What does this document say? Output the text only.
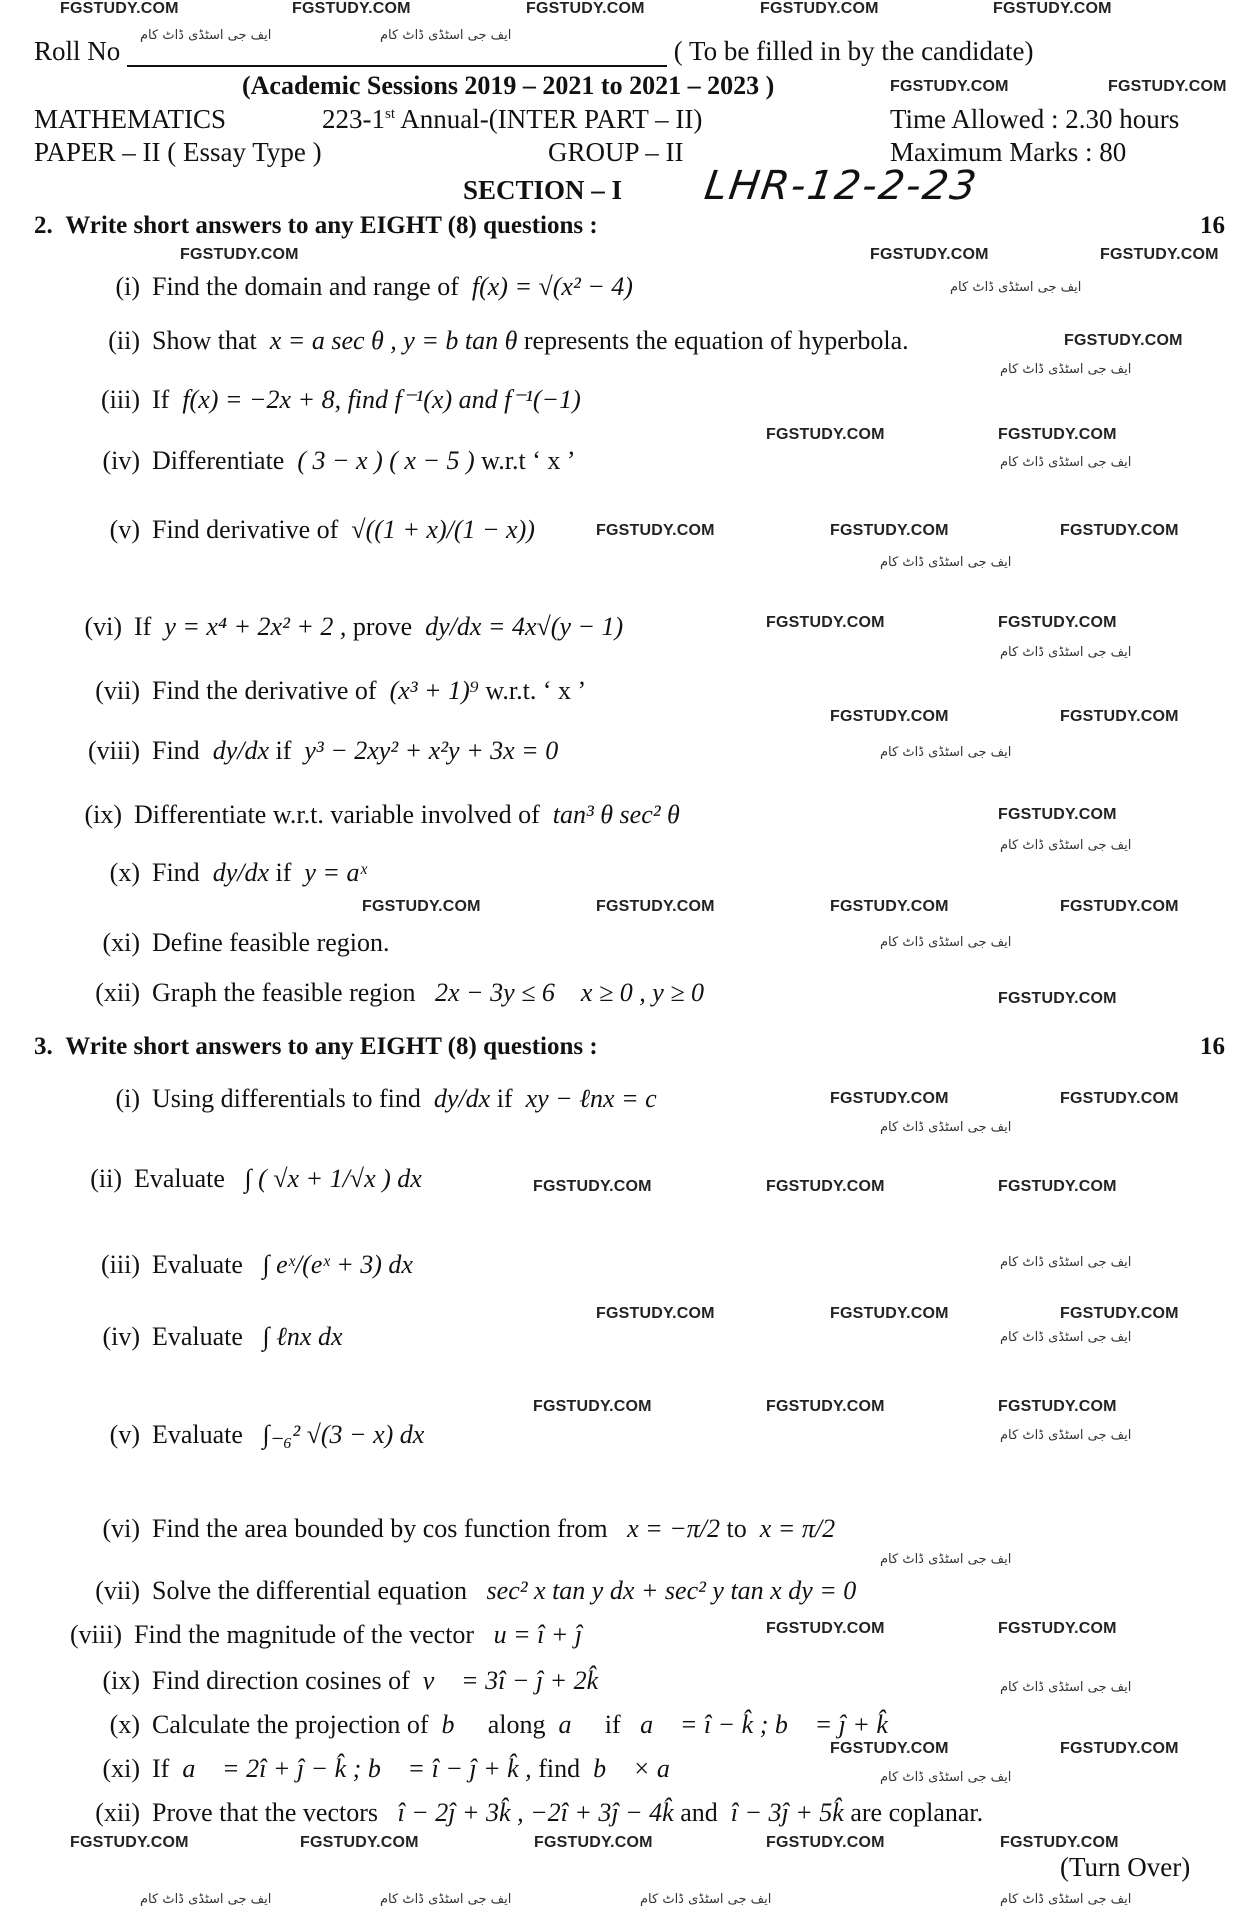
FGSTUDY.COM	FGSTUDY.COM	FGSTUDY.COM	FGSTUDY.COM	FGSTUDY.COM
Roll No	( To be filled in by the candidate)
ایف جی اسٹڈی ڈاٹ کام	ایف جی اسٹڈی ڈاٹ کام
(Academic Sessions 2019 – 2021 to 2021 – 2023 )	FGSTUDY.COM	FGSTUDY.COM
MATHEMATICS	223-1st Annual-(INTER PART – II)	Time Allowed : 2.30 hours
PAPER – II ( Essay Type )	GROUP – II	Maximum Marks : 80
SECTION – I LHR-12-2-23
2. Write short answers to any EIGHT (8) questions :	16
FGSTUDY.COM	FGSTUDY.COM	FGSTUDY.COM
(i) Find the domain and range of f(x) = √(x² − 4)	ایف جی اسٹڈی ڈاٹ کام
(ii) Show that x = a sec θ , y = b tan θ represents the equation of hyperbola.	FGSTUDY.COM
ایف جی اسٹڈی ڈاٹ کام
(iii) If f(x) = −2x + 8, find f⁻¹(x) and f⁻¹(−1)
FGSTUDY.COM	FGSTUDY.COM
(iv) Differentiate ( 3 − x ) ( x − 5 ) w.r.t ‘ x ’	ایف جی اسٹڈی ڈاٹ کام
(v) Find derivative of √((1 + x)/(1 − x))	FGSTUDY.COM	FGSTUDY.COM	FGSTUDY.COM
ایف جی اسٹڈی ڈاٹ کام
(vi) If y = x⁴ + 2x² + 2 , prove dy/dx = 4x√(y − 1)	FGSTUDY.COM	FGSTUDY.COM
ایف جی اسٹڈی ڈاٹ کام
(vii) Find the derivative of (x³ + 1)⁹ w.r.t. ‘ x ’
FGSTUDY.COM	FGSTUDY.COM
(viii) Find dy/dx if y³ − 2xy² + x²y + 3x = 0	ایف جی اسٹڈی ڈاٹ کام
(ix) Differentiate w.r.t. variable involved of tan³ θ sec² θ	FGSTUDY.COM
ایف جی اسٹڈی ڈاٹ کام
(x) Find dy/dx if y = aˣ
FGSTUDY.COM	FGSTUDY.COM	FGSTUDY.COM	FGSTUDY.COM
(xi) Define feasible region.	ایف جی اسٹڈی ڈاٹ کام
(xii) Graph the feasible region 2x − 3y ≤ 6 x ≥ 0 , y ≥ 0	FGSTUDY.COM
3. Write short answers to any EIGHT (8) questions :	16
(i) Using differentials to find dy/dx if xy − ℓnx = c	FGSTUDY.COM	FGSTUDY.COM
ایف جی اسٹڈی ڈاٹ کام
(ii) Evaluate ∫ ( √x + 1/√x ) dx	FGSTUDY.COM	FGSTUDY.COM	FGSTUDY.COM
(iii) Evaluate ∫ eˣ/(eˣ + 3) dx	ایف جی اسٹڈی ڈاٹ کام
FGSTUDY.COM	FGSTUDY.COM	FGSTUDY.COM
(iv) Evaluate ∫ ℓnx dx	ایف جی اسٹڈی ڈاٹ کام
FGSTUDY.COM	FGSTUDY.COM	FGSTUDY.COM
(v) Evaluate ∫₋₆² √(3 − x) dx	ایف جی اسٹڈی ڈاٹ کام
(vi) Find the area bounded by cos function from x = −π/2 to x = π/2
ایف جی اسٹڈی ڈاٹ کام
(vii) Solve the differential equation sec² x tan y dx + sec² y tan x dy = 0
(viii) Find the magnitude of the vector u = î + ĵ	FGSTUDY.COM	FGSTUDY.COM
(ix) Find direction cosines of v⃗ = 3î − ĵ + 2k̂	ایف جی اسٹڈی ڈاٹ کام
(x) Calculate the projection of b⃗ along a⃗ if a⃗ = î − k̂ ; b⃗ = ĵ + k̂
FGSTUDY.COM	FGSTUDY.COM
(xi) If a⃗ = 2î + ĵ − k̂ ; b⃗ = î − ĵ + k̂ , find b⃗ × a⃗	ایف جی اسٹڈی ڈاٹ کام
(xii) Prove that the vectors î − 2ĵ + 3k̂ , −2î + 3ĵ − 4k̂ and î − 3ĵ + 5k̂ are coplanar.
FGSTUDY.COM	FGSTUDY.COM	FGSTUDY.COM	FGSTUDY.COM	FGSTUDY.COM
(Turn Over)
ایف جی اسٹڈی ڈاٹ کام	ایف جی اسٹڈی ڈاٹ کام	ایف جی اسٹڈی ڈاٹ کام	ایف جی اسٹڈی ڈاٹ کام
